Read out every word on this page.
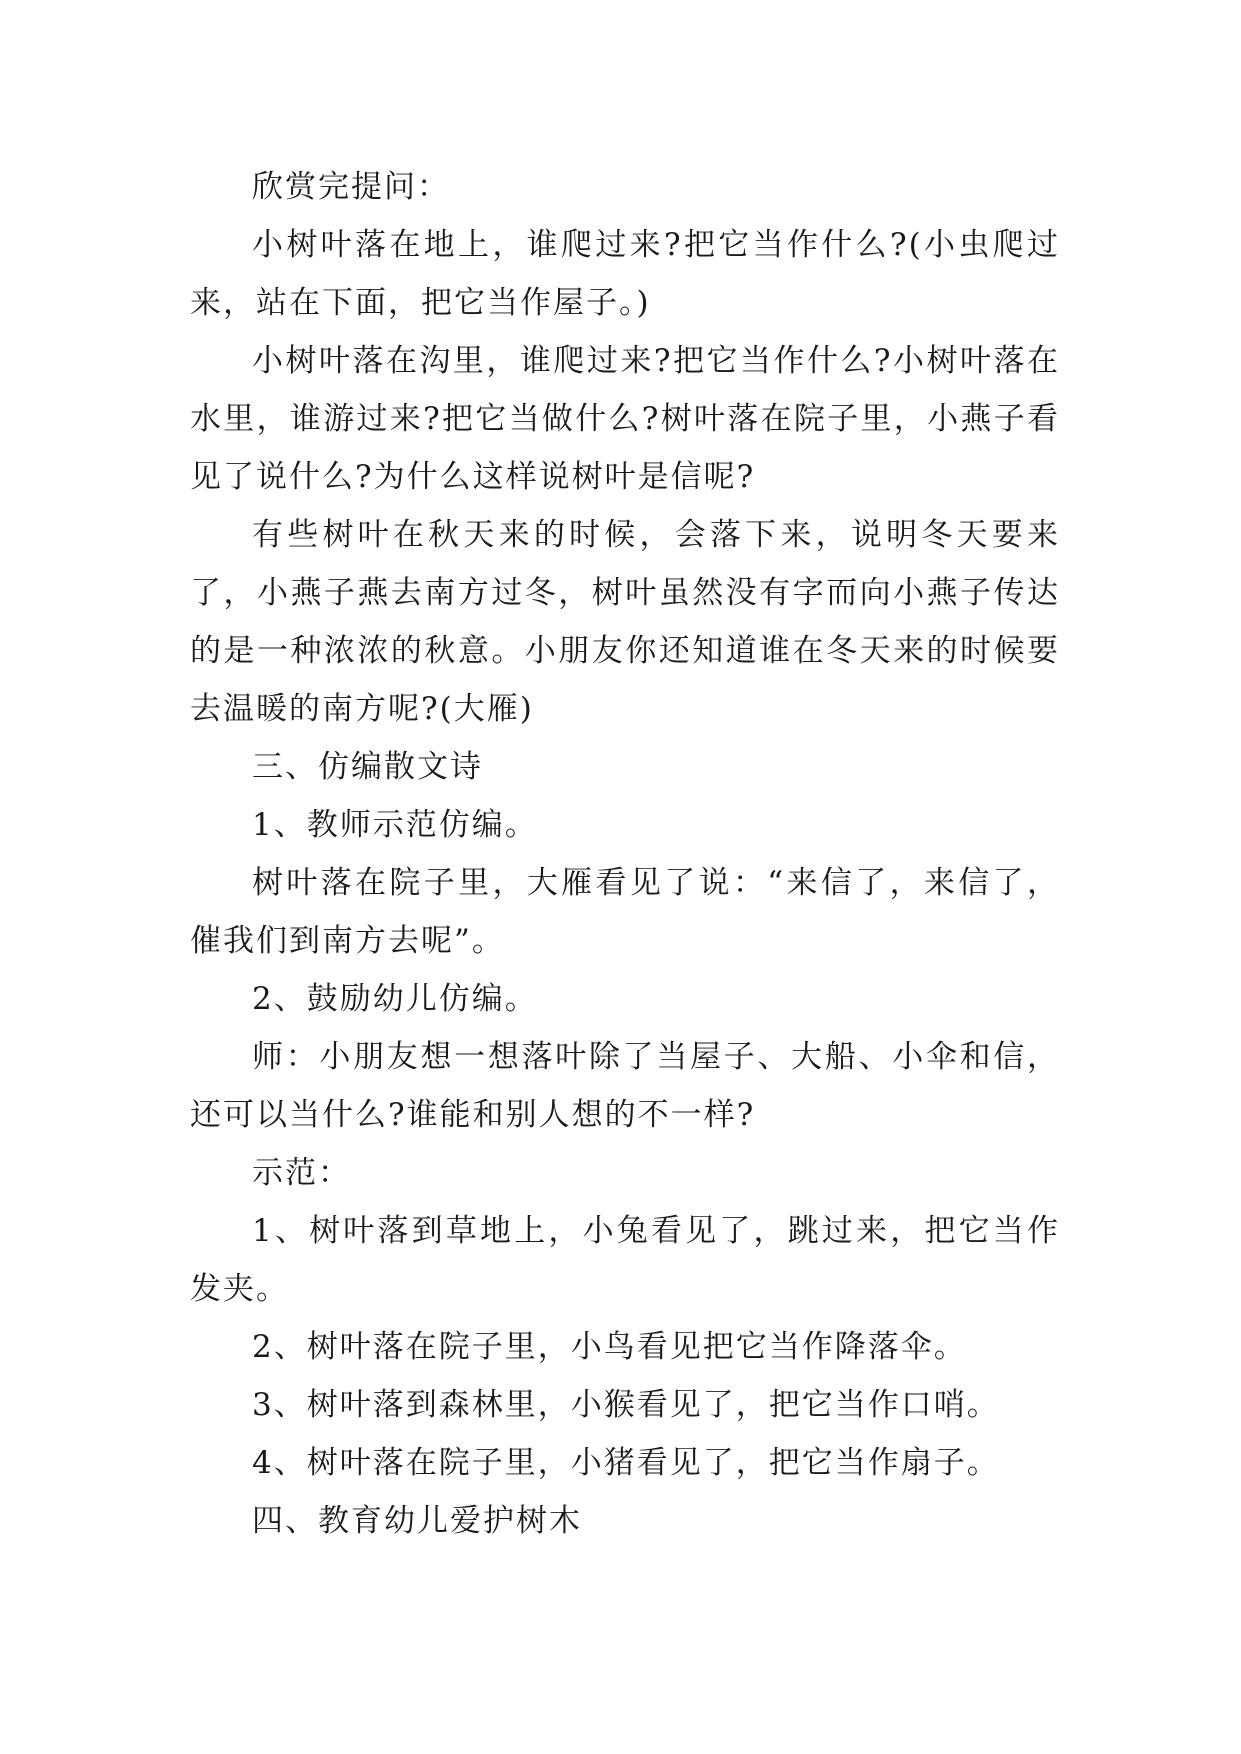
欣赏完提问：

小树叶落在地上，谁爬过来?把它当作什么?(小虫爬过来，站在下面，把它当作屋子。)

小树叶落在沟里，谁爬过来?把它当作什么?小树叶落在水里，谁游过来?把它当做什么?树叶落在院子里，小燕子看见了说什么?为什么这样说树叶是信呢?

有些树叶在秋天来的时候，会落下来，说明冬天要来了，小燕子燕去南方过冬，树叶虽然没有字而向小燕子传达的是一种浓浓的秋意。小朋友你还知道谁在冬天来的时候要去温暖的南方呢?(大雁)

三、仿编散文诗

1、教师示范仿编。

树叶落在院子里，大雁看见了说：“来信了，来信了，催我们到南方去呢”。

2、鼓励幼儿仿编。

师：小朋友想一想落叶除了当屋子、大船、小伞和信，还可以当什么?谁能和别人想的不一样?

示范：

1、树叶落到草地上，小兔看见了，跳过来，把它当作发夹。

2、树叶落在院子里，小鸟看见把它当作降落伞。

3、树叶落到森林里，小猴看见了，把它当作口哨。

4、树叶落在院子里，小猪看见了，把它当作扇子。

四、教育幼儿爱护树木
